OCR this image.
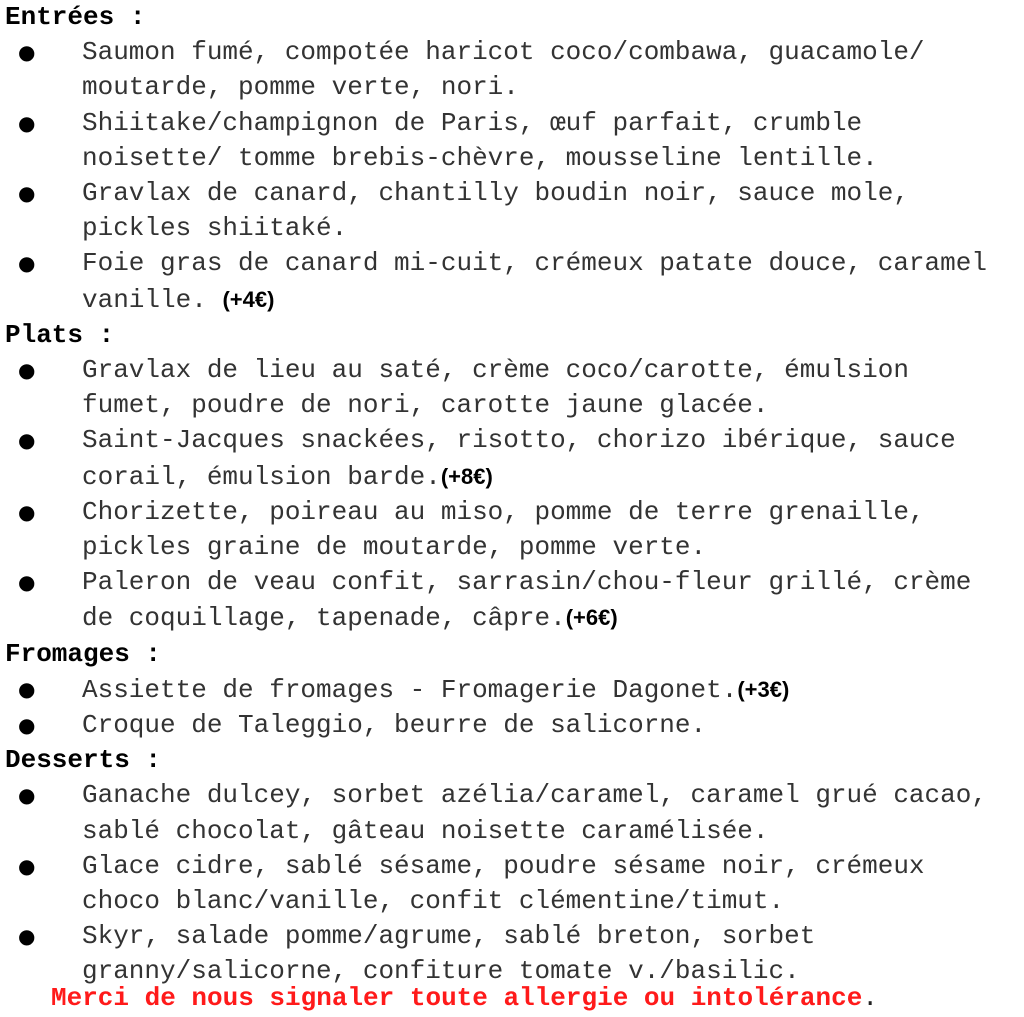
Entrées :
● Saumon fumé, compotée haricot coco/combawa, guacamole/ moutarde, pomme verte, nori.
● Shiitake/champignon de Paris, œuf parfait, crumble noisette/ tomme brebis-chèvre, mousseline lentille.
● Gravlax de canard, chantilly boudin noir, sauce mole, pickles shiitaké.
● Foie gras de canard mi-cuit, crémeux patate douce, caramel vanille. (+4€)
Plats :
● Gravlax de lieu au saté, crème coco/carotte, émulsion fumet, poudre de nori, carotte jaune glacée.
● Saint-Jacques snackées, risotto, chorizo ibérique, sauce corail, émulsion barde.(+8€)
● Chorizette, poireau au miso, pomme de terre grenaille, pickles graine de moutarde, pomme verte.
● Paleron de veau confit, sarrasin/chou-fleur grillé, crème de coquillage, tapenade, câpre.(+6€)
Fromages :
● Assiette de fromages - Fromagerie Dagonet.(+3€)
● Croque de Taleggio, beurre de salicorne.
Desserts :
● Ganache dulcey, sorbet azélia/caramel, caramel grué cacao, sablé chocolat, gâteau noisette caramélisée.
● Glace cidre, sablé sésame, poudre sésame noir, crémeux choco blanc/vanille, confit clémentine/timut.
● Skyr, salade pomme/agrume, sablé breton, sorbet granny/salicorne, confiture tomate v./basilic.
Merci de nous signaler toute allergie ou intolérance.
